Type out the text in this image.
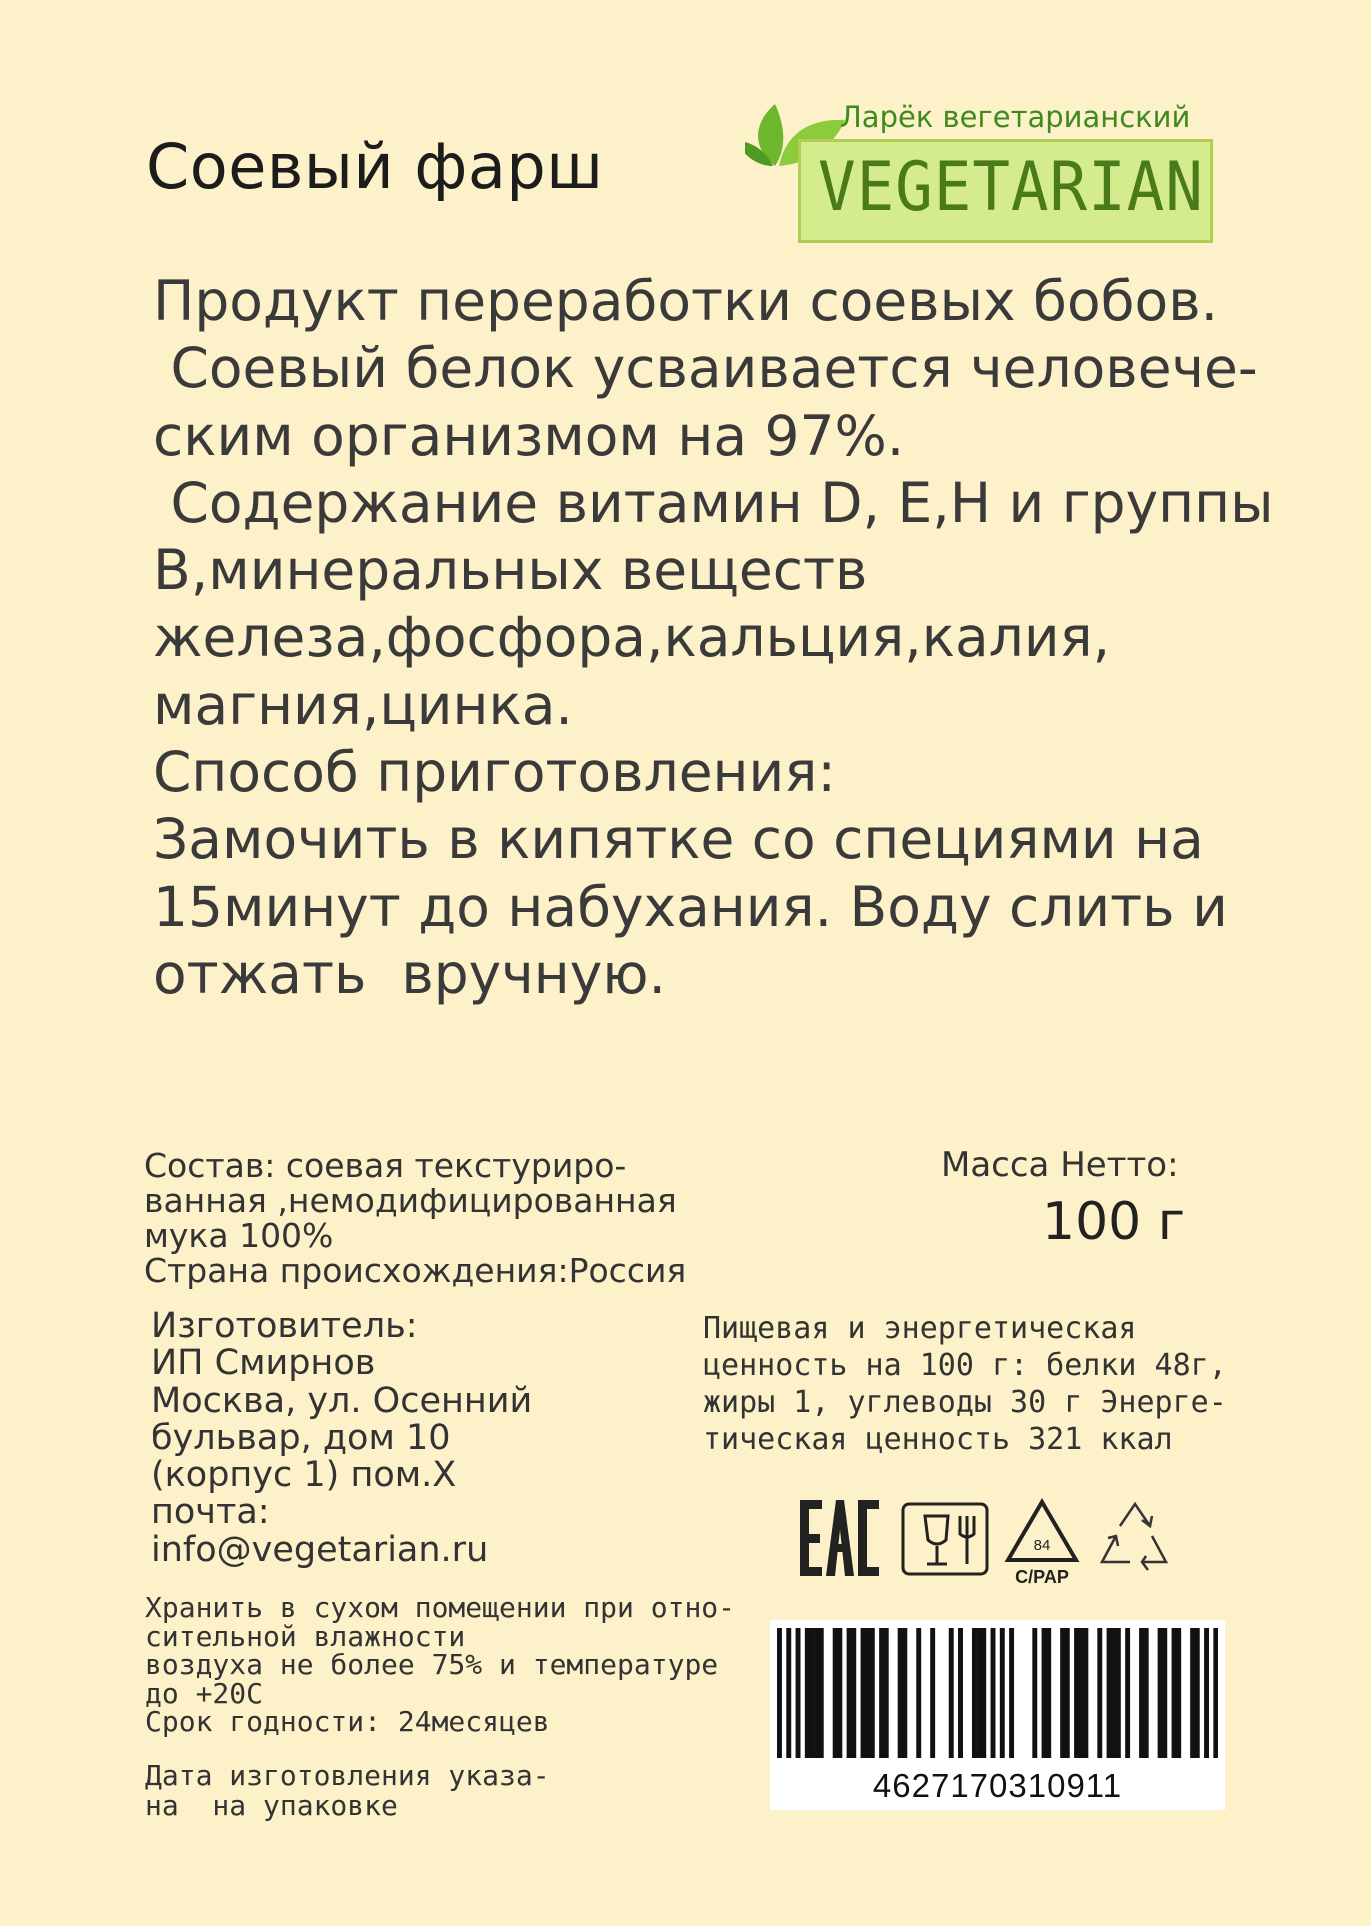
Соевый фарш
Ларёк вегетарианский
VEGETARIAN
Продукт переработки соевых бобов.
Соевый белок усваивается человече-
ским организмом на 97%.
Содержание витамин D, Е,Н и группы
В,минеральных веществ
железа,фосфора,кальция,калия,
магния,цинка.
Способ приготовления:
Замочить в кипятке со специями на
15минут до набухания. Воду слить и
отжать  вручную.
Состав: соевая текстуриро-
ванная ,немодифицированная
мука 100%
Страна происхождения:Россия
Масса Нетто:
100 г
Изготовитель:
ИП Смирнов
Москва, ул. Осенний
бульвар, дом 10
(корпус 1) пом.Х
почта:
info@vegetarian.ru
Пищевая и энергетическая
ценность на 100 г: белки 48г,
жиры 1, углеводы 30 г Энерге-
тическая ценность 321 ккал
84
C/PAP
Хранить в сухом помещении при отно-
сительной влажности
воздуха не более 75% и температуре
до +20С
Срок годности: 24месяцев
Дата изготовления указа-
на  на упаковке
4627170310911
